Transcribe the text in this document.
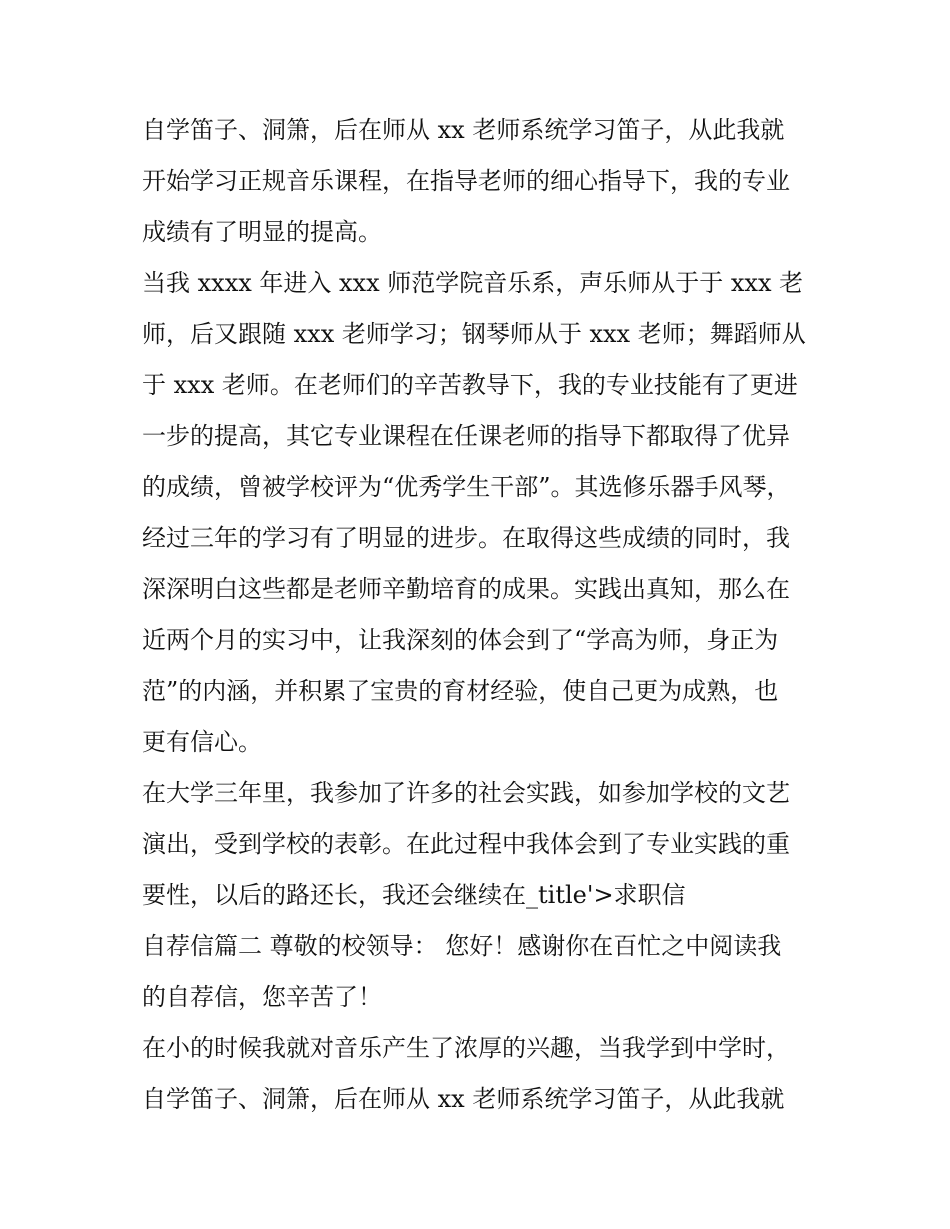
自学笛子、洞箫，后在师从 xx 老师系统学习笛子，从此我就
开始学习正规音乐课程，在指导老师的细心指导下，我的专业
成绩有了明显的提高。
当我 xxxx 年进入 xxx 师范学院音乐系，声乐师从于于 xxx 老
师，后又跟随 xxx 老师学习；钢琴师从于 xxx 老师；舞蹈师从
于 xxx 老师。在老师们的辛苦教导下，我的专业技能有了更进
一步的提高，其它专业课程在任课老师的指导下都取得了优异
的成绩，曾被学校评为“优秀学生干部”。其选修乐器手风琴，
经过三年的学习有了明显的进步。在取得这些成绩的同时，我
深深明白这些都是老师辛勤培育的成果。实践出真知，那么在
近两个月的实习中，让我深刻的体会到了“学高为师，身正为
范”的内涵，并积累了宝贵的育材经验，使自己更为成熟，也
更有信心。
在大学三年里，我参加了许多的社会实践，如参加学校的文艺
演出，受到学校的表彰。在此过程中我体会到了专业实践的重
要性，以后的路还长，我还会继续在_title'>求职信
自荐信篇二 尊敬的校领导： 您好！感谢你在百忙之中阅读我
的自荐信，您辛苦了！
在小的时候我就对音乐产生了浓厚的兴趣，当我学到中学时，
自学笛子、洞箫，后在师从 xx 老师系统学习笛子，从此我就
